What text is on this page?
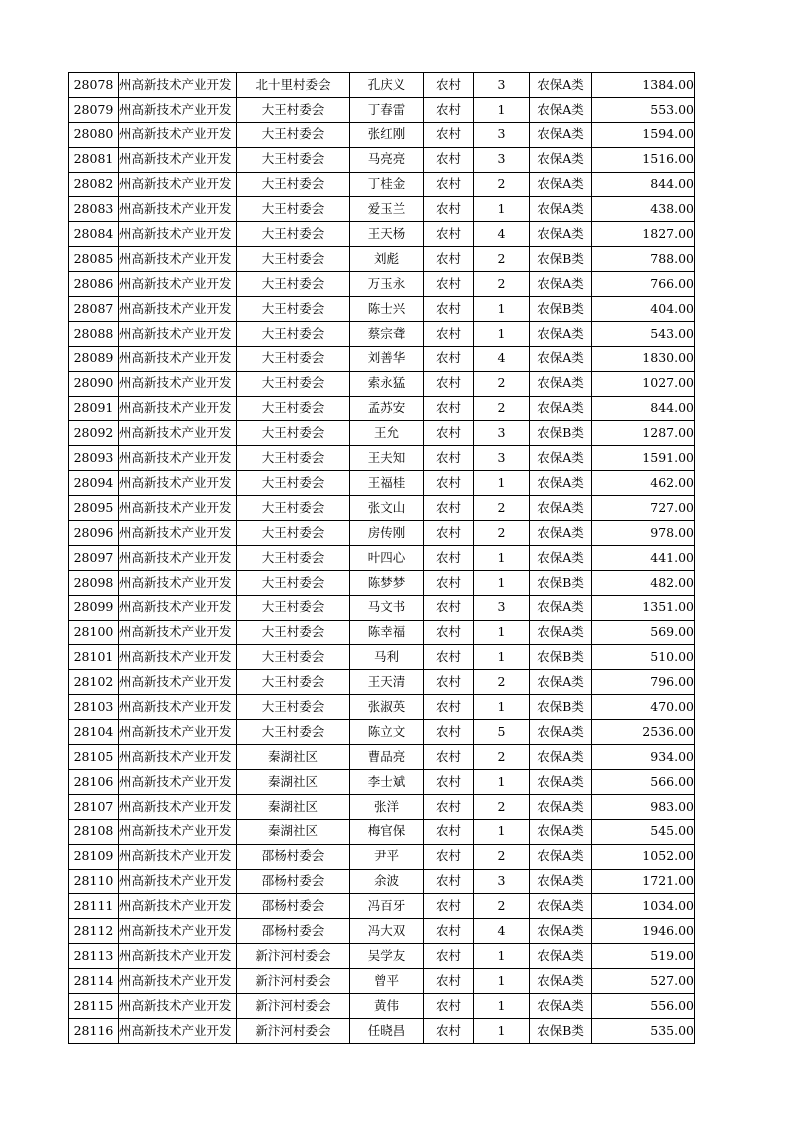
28078	州高新技术产业开发	北十里村委会	孔庆义	农村	3	农保A类	1384.00
28079	州高新技术产业开发	大王村委会	丁春雷	农村	1	农保A类	553.00
28080	州高新技术产业开发	大王村委会	张红刚	农村	3	农保A类	1594.00
28081	州高新技术产业开发	大王村委会	马亮亮	农村	3	农保A类	1516.00
28082	州高新技术产业开发	大王村委会	丁桂金	农村	2	农保A类	844.00
28083	州高新技术产业开发	大王村委会	爱玉兰	农村	1	农保A类	438.00
28084	州高新技术产业开发	大王村委会	王天杨	农村	4	农保A类	1827.00
28085	州高新技术产业开发	大王村委会	刘彪	农村	2	农保B类	788.00
28086	州高新技术产业开发	大王村委会	万玉永	农村	2	农保A类	766.00
28087	州高新技术产业开发	大王村委会	陈士兴	农村	1	农保B类	404.00
28088	州高新技术产业开发	大王村委会	蔡宗聋	农村	1	农保A类	543.00
28089	州高新技术产业开发	大王村委会	刘善华	农村	4	农保A类	1830.00
28090	州高新技术产业开发	大王村委会	索永猛	农村	2	农保A类	1027.00
28091	州高新技术产业开发	大王村委会	孟苏安	农村	2	农保A类	844.00
28092	州高新技术产业开发	大王村委会	王允	农村	3	农保B类	1287.00
28093	州高新技术产业开发	大王村委会	王夫知	农村	3	农保A类	1591.00
28094	州高新技术产业开发	大王村委会	王福桂	农村	1	农保A类	462.00
28095	州高新技术产业开发	大王村委会	张文山	农村	2	农保A类	727.00
28096	州高新技术产业开发	大王村委会	房传刚	农村	2	农保A类	978.00
28097	州高新技术产业开发	大王村委会	叶四心	农村	1	农保A类	441.00
28098	州高新技术产业开发	大王村委会	陈梦梦	农村	1	农保B类	482.00
28099	州高新技术产业开发	大王村委会	马文书	农村	3	农保A类	1351.00
28100	州高新技术产业开发	大王村委会	陈幸福	农村	1	农保A类	569.00
28101	州高新技术产业开发	大王村委会	马利	农村	1	农保B类	510.00
28102	州高新技术产业开发	大王村委会	王天清	农村	2	农保A类	796.00
28103	州高新技术产业开发	大王村委会	张淑英	农村	1	农保B类	470.00
28104	州高新技术产业开发	大王村委会	陈立文	农村	5	农保A类	2536.00
28105	州高新技术产业开发	秦湖社区	曹品亮	农村	2	农保A类	934.00
28106	州高新技术产业开发	秦湖社区	李士斌	农村	1	农保A类	566.00
28107	州高新技术产业开发	秦湖社区	张洋	农村	2	农保A类	983.00
28108	州高新技术产业开发	秦湖社区	梅官保	农村	1	农保A类	545.00
28109	州高新技术产业开发	邵杨村委会	尹平	农村	2	农保A类	1052.00
28110	州高新技术产业开发	邵杨村委会	余波	农村	3	农保A类	1721.00
28111	州高新技术产业开发	邵杨村委会	冯百牙	农村	2	农保A类	1034.00
28112	州高新技术产业开发	邵杨村委会	冯大双	农村	4	农保A类	1946.00
28113	州高新技术产业开发	新汴河村委会	吴学友	农村	1	农保A类	519.00
28114	州高新技术产业开发	新汴河村委会	曾平	农村	1	农保A类	527.00
28115	州高新技术产业开发	新汴河村委会	黄伟	农村	1	农保A类	556.00
28116	州高新技术产业开发	新汴河村委会	任晓昌	农村	1	农保B类	535.00
